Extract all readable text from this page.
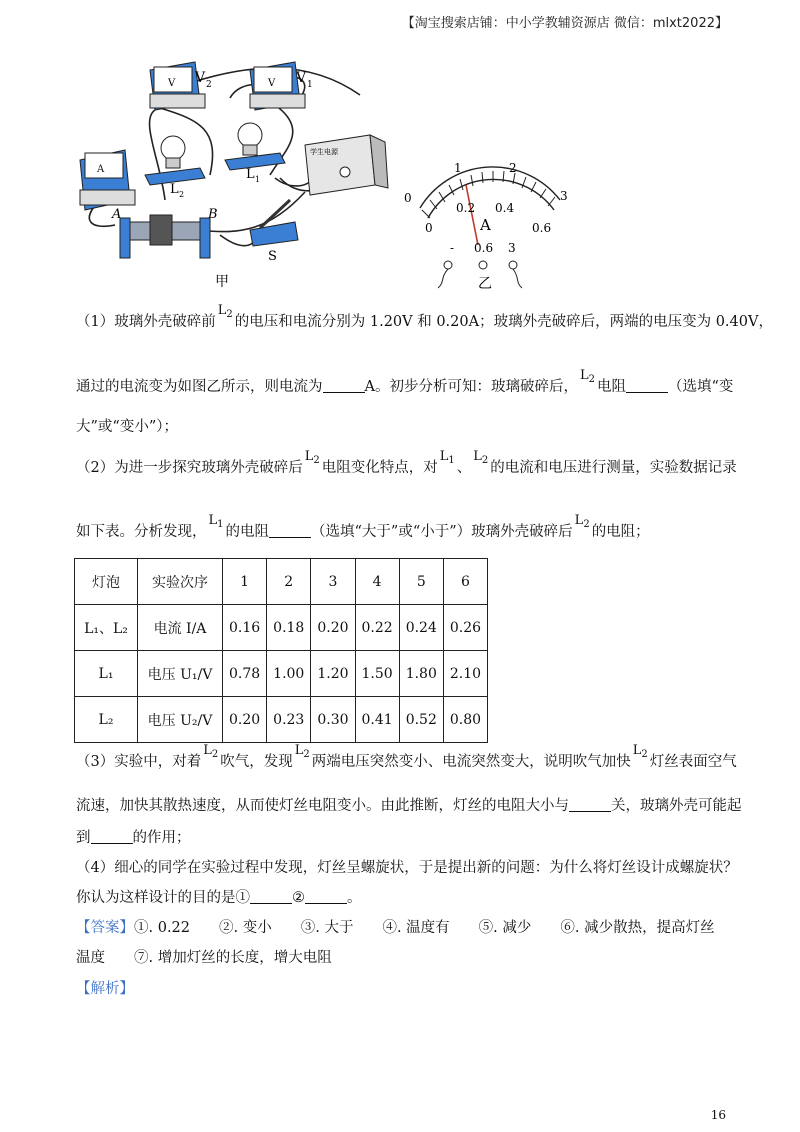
【淘宝搜索店铺：中小学教辅资源店 微信：mlxt2022】
A
V V 2	V V 1
L 2
L 1
学生电源
A	B
S
甲
0
1	2
3
0
0.2 0.4
0.6
A
- 0.6 3
乙
（1）玻璃外壳破碎前$L_2$ 的电压和电流分别为 1.20V 和 0.20A；玻璃外壳破碎后，两端的电压变为 0.40V，
通过的电流变为如图乙所示，则电流为	A。初步分析可知：玻璃破碎后，$L_2$ 电阻	（选填“变
大”或“变小”）；
（2）为进一步探究玻璃外壳破碎后$L_2$ 电阻变化特点，对$L_1$ 、$L_2$ 的电流和电压进行测量，实验数据记录
如下表。分析发现，$L_1$ 的电阻	（选填“大于”或“小于”）玻璃外壳破碎后$L_2$ 的电阻；
灯泡	实验次序	1	2	3	4	5	6
L₁、L₂	电流 I/A	0.16	0.18	0.20	0.22	0.24	0.26
L₁	电压 U₁/V	0.78	1.00	1.20	1.50	1.80	2.10
L₂	电压 U₂/V	0.20	0.23	0.30	0.41	0.52	0.80
（3）实验中，对着$L_2$ 吹气，发现$L_2$ 两端电压突然变小、电流突然变大，说明吹气加快$L_2$ 灯丝表面空气
流速，加快其散热速度，从而使灯丝电阻变小。由此推断，灯丝的电阻大小与	关，玻璃外壳可能起
到	的作用；
（4）细心的同学在实验过程中发现，灯丝呈螺旋状，于是提出新的问题：为什么将灯丝设计成螺旋状？
你认为这样设计的目的是①	②	。
【答案】①. 0.22　　②. 变小　　③. 大于　　④. 温度有　　⑤. 减少　　⑥. 减少散热，提高灯丝
温度　　⑦. 增加灯丝的长度，增大电阻
【解析】
16
